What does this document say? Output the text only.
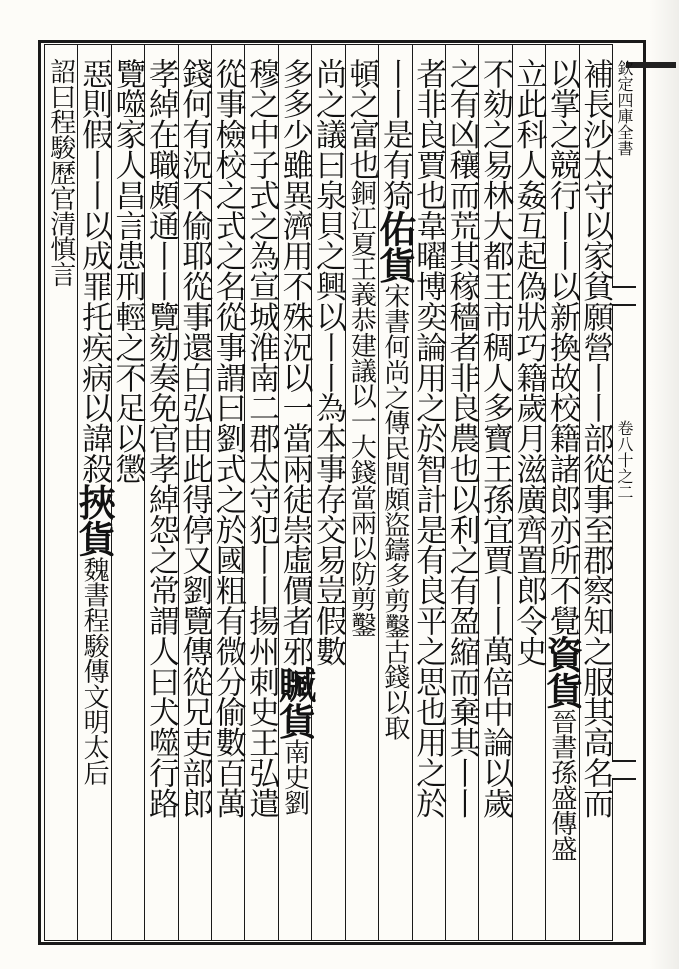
欽定四庫全書
卷八十之二
補長沙太守以家貧願營丨丨部從事至郡察知之服其高名而
以掌之競行丨丨以新換故校籍諸郎亦所不覺資貨晉書孫盛傳盛
立此科人姦互起偽狀巧籍歲月滋廣齊置郎令史
不劾之易林大都王市稠人多寶王孫宜賈丨丨萬倍中論以歲
之有凶穰而荒其稼穡者非良農也以利之有盈縮而棄其丨丨
者非良賈也韋曜博奕論用之於智計是有良平之思也用之於
丨丨是有猗佑貨宋書何尚之傳民間頗盜鑄多剪鑿古錢以取
頓之富也銅江夏王義恭建議以一大錢當兩以防剪鑿
尚之議曰泉貝之興以丨丨為本事存交易豈假數
多多少雖異濟用不殊況以一當兩徒崇虛價者邪贓貨南史劉
穆之中子式之為宣城淮南二郡太守犯丨丨揚州刺史王弘遣
從事檢校之式之名從事謂曰劉式之於國粗有微分偷數百萬
錢何有況不偷耶從事還白弘由此得停又劉覽傳從兄吏部郎
孝綽在職頗通丨丨覽劾奏免官孝綽怨之常謂人曰犬噬行路
覽噬家人昌言患刑輕之不足以懲
惡則假丨丨以成罪托疾病以諱殺挾貨魏書程駿傳文明太后
詔曰程駿歷官清慎言
